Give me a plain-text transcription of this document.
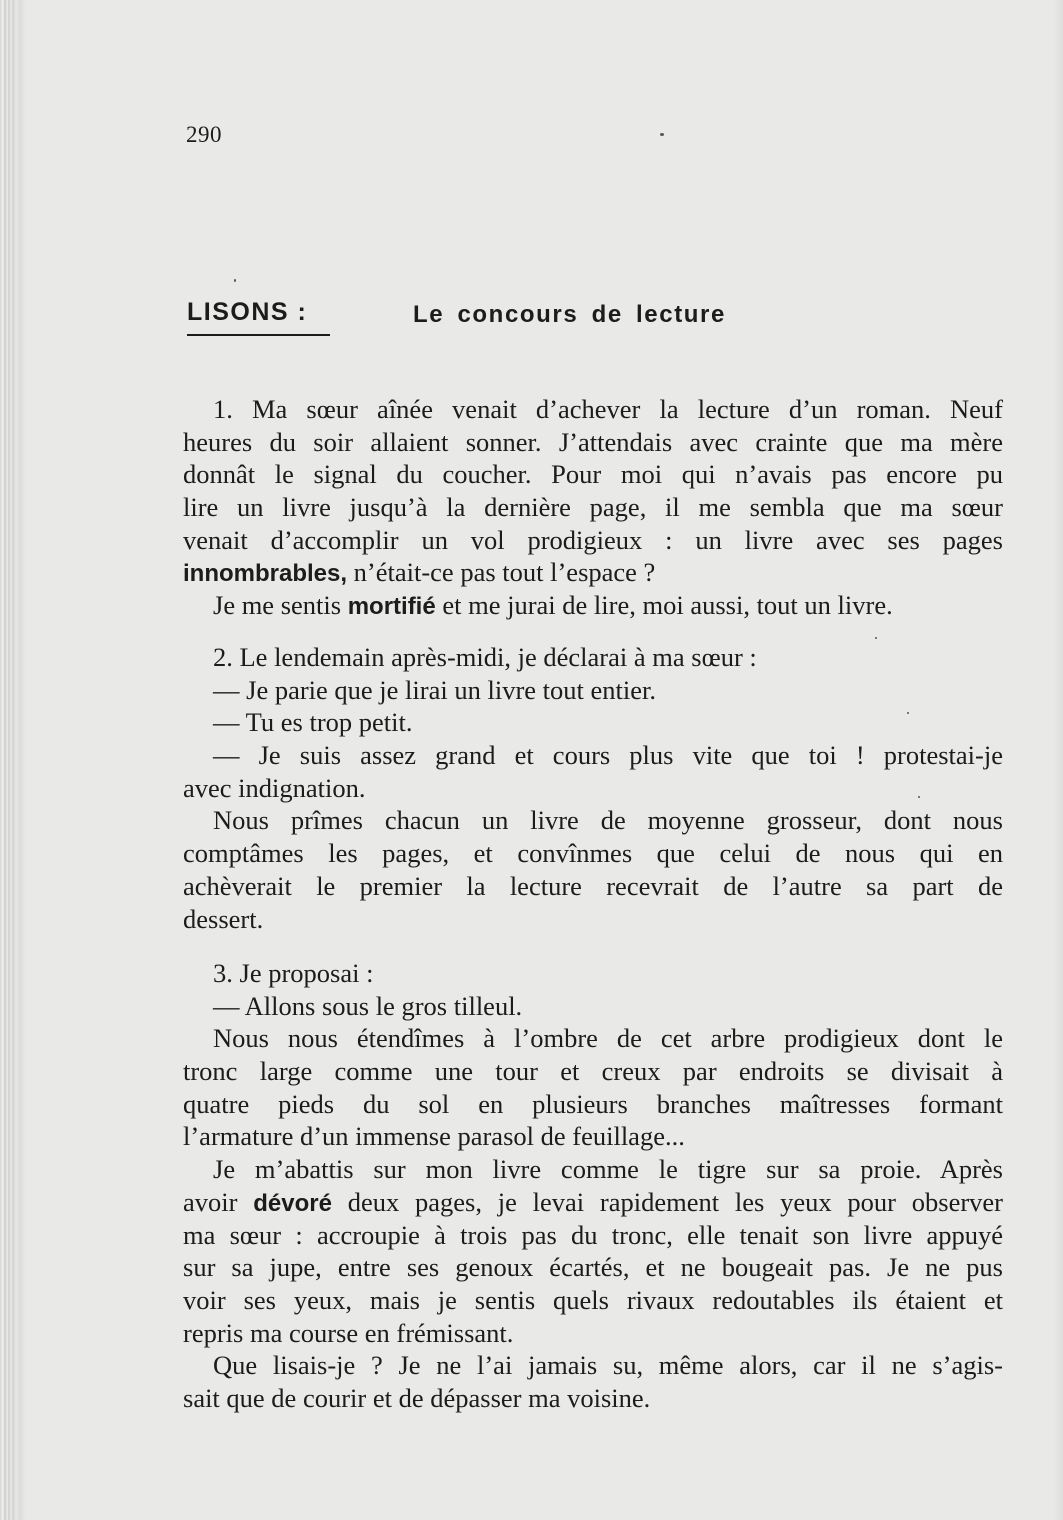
290
LISONS :	Le concours de lecture
1. Ma sœur aînée venait d’achever la lecture d’un roman. Neuf
heures du soir allaient sonner. J’attendais avec crainte que ma mère
donnât le signal du coucher. Pour moi qui n’avais pas encore pu
lire un livre jusqu’à la dernière page, il me sembla que ma sœur
venait d’accomplir un vol prodigieux : un livre avec ses pages
innombrables, n’était-ce pas tout l’espace ?
Je me sentis mortifié et me jurai de lire, moi aussi, tout un livre.
2. Le lendemain après-midi, je déclarai à ma sœur :
— Je parie que je lirai un livre tout entier.
— Tu es trop petit.
— Je suis assez grand et cours plus vite que toi ! protestai-je
avec indignation.
Nous prîmes chacun un livre de moyenne grosseur, dont nous
comptâmes les pages, et convînmes que celui de nous qui en
achèverait le premier la lecture recevrait de l’autre sa part de
dessert.
3. Je proposai :
— Allons sous le gros tilleul.
Nous nous étendîmes à l’ombre de cet arbre prodigieux dont le
tronc large comme une tour et creux par endroits se divisait à
quatre pieds du sol en plusieurs branches maîtresses formant
l’armature d’un immense parasol de feuillage...
Je m’abattis sur mon livre comme le tigre sur sa proie. Après
avoir dévoré deux pages, je levai rapidement les yeux pour observer
ma sœur : accroupie à trois pas du tronc, elle tenait son livre appuyé
sur sa jupe, entre ses genoux écartés, et ne bougeait pas. Je ne pus
voir ses yeux, mais je sentis quels rivaux redoutables ils étaient et
repris ma course en frémissant.
Que lisais-je ? Je ne l’ai jamais su, même alors, car il ne s’agis-
sait que de courir et de dépasser ma voisine.
